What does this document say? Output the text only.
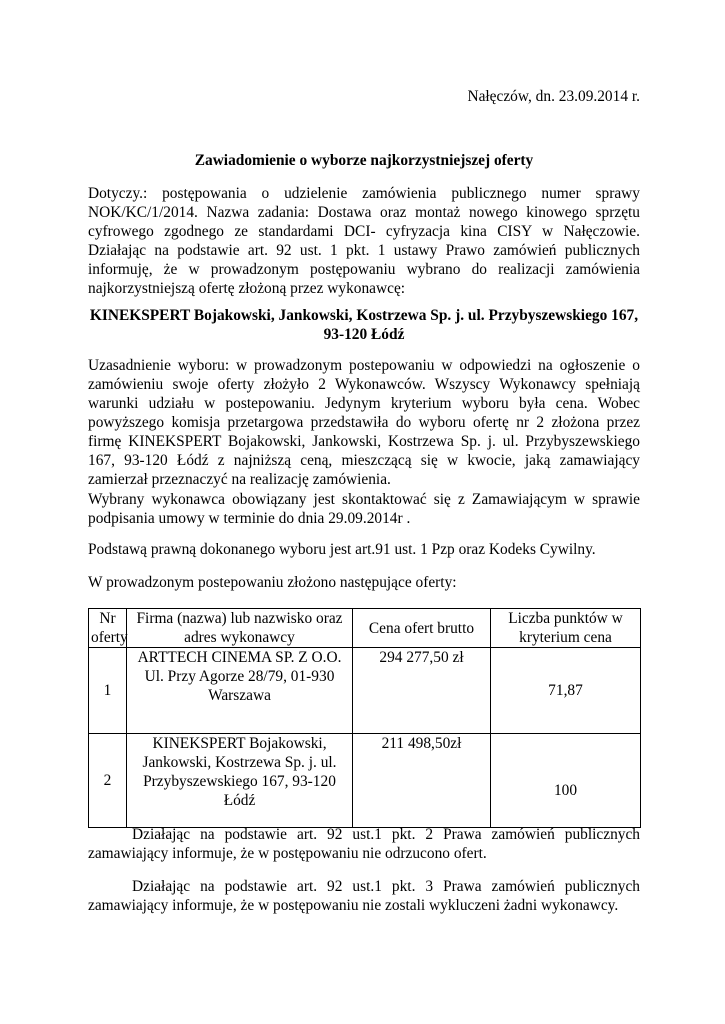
Nałęczów, dn. 23.09.2014 r.
Zawiadomienie o wyborze najkorzystniejszej oferty

Dotyczy.: postępowania o udzielenie zamówienia publicznego numer sprawy NOK/KC/1/2014. Nazwa zadania: Dostawa oraz montaż nowego kinowego sprzętu cyfrowego zgodnego ze standardami DCI- cyfryzacja kina CISY w Nałęczowie. Działając na podstawie art. 92 ust. 1 pkt. 1 ustawy Prawo zamówień publicznych informuję, że w prowadzonym postępowaniu wybrano do realizacji zamówienia najkorzystniejszą ofertę złożoną przez wykonawcę:

KINEKSPERT Bojakowski, Jankowski, Kostrzewa Sp. j. ul. Przybyszewskiego 167,
93-120 Łódź

Uzasadnienie wyboru: w prowadzonym postepowaniu w odpowiedzi na ogłoszenie o zamówieniu swoje oferty złożyło 2 Wykonawców. Wszyscy Wykonawcy spełniają warunki udziału w postepowaniu. Jedynym kryterium wyboru była cena. Wobec powyższego komisja przetargowa przedstawiła do wyboru ofertę nr 2 złożona przez firmę KINEKSPERT Bojakowski, Jankowski, Kostrzewa Sp. j. ul. Przybyszewskiego 167, 93-120 Łódź z najniższą ceną, mieszczącą się w kwocie, jaką zamawiający zamierzał przeznaczyć na realizację zamówienia.

Wybrany wykonawca obowiązany jest skontaktować się z Zamawiającym w sprawie podpisania umowy w terminie do dnia 29.09.2014r .

Podstawą prawną dokonanego wyboru jest art.91 ust. 1 Pzp oraz Kodeks Cywilny.

W prowadzonym postepowaniu złożono następujące oferty:

Nr oferty	Firma (nazwa) lub nazwisko oraz adres wykonawcy	Cena ofert brutto	Liczba punktów w kryterium cena
1	ARTTECH CINEMA SP. Z O.O. Ul. Przy Agorze 28/79, 01-930 Warszawa	294 277,50 zł	71,87
2	KINEKSPERT Bojakowski, Jankowski, Kostrzewa Sp. j. ul. Przybyszewskiego 167, 93-120 Łódź	211 498,50zł	100

Działając na podstawie art. 92 ust.1 pkt. 2 Prawa zamówień publicznych zamawiający informuje, że w postępowaniu nie odrzucono ofert.

Działając na podstawie art. 92 ust.1 pkt. 3 Prawa zamówień publicznych zamawiający informuje, że w postępowaniu nie zostali wykluczeni żadni wykonawcy.
